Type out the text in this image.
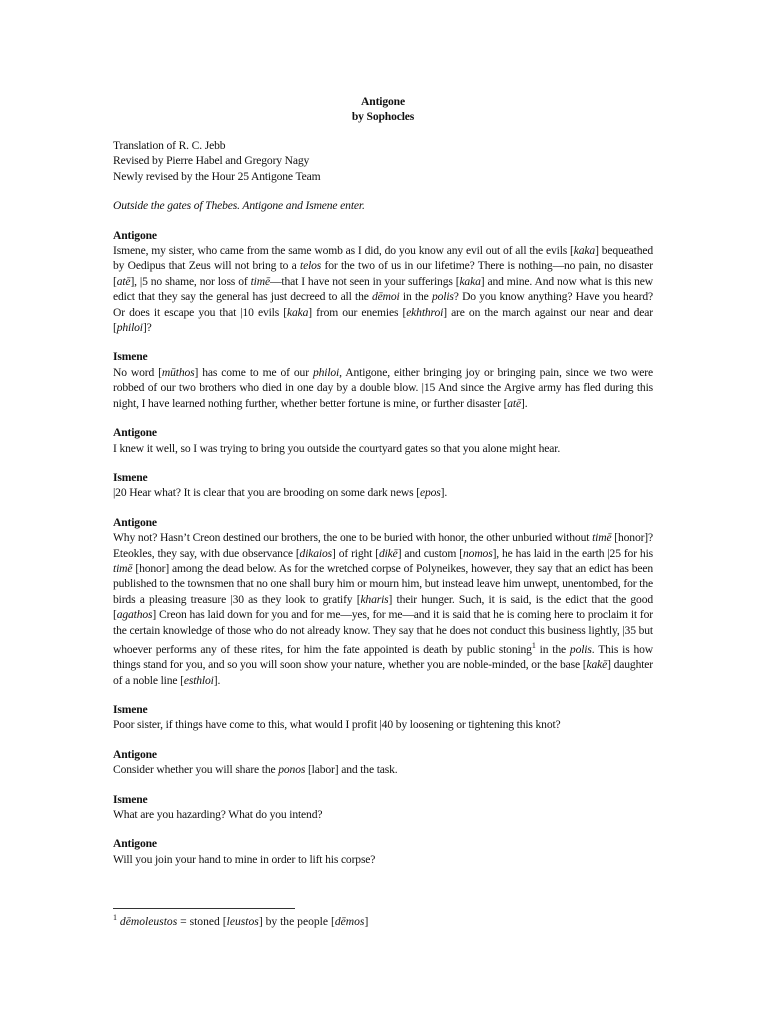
Antigone
by Sophocles
Translation of R. C. Jebb
Revised by Pierre Habel and Gregory Nagy
Newly revised by the Hour 25 Antigone Team
Outside the gates of Thebes. Antigone and Ismene enter.
Antigone
Ismene, my sister, who came from the same womb as I did, do you know any evil out of all the evils [kaka] bequeathed by Oedipus that Zeus will not bring to a telos for the two of us in our lifetime? There is nothing—no pain, no disaster [atē], |5 no shame, nor loss of timē—that I have not seen in your sufferings [kaka] and mine. And now what is this new edict that they say the general has just decreed to all the dēmoi in the polis? Do you know anything? Have you heard? Or does it escape you that |10 evils [kaka] from our enemies [ekhthroi] are on the march against our near and dear [philoi]?
Ismene
No word [mūthos] has come to me of our philoi, Antigone, either bringing joy or bringing pain, since we two were robbed of our two brothers who died in one day by a double blow. |15 And since the Argive army has fled during this night, I have learned nothing further, whether better fortune is mine, or further disaster [atē].
Antigone
I knew it well, so I was trying to bring you outside the courtyard gates so that you alone might hear.
Ismene
|20 Hear what? It is clear that you are brooding on some dark news [epos].
Antigone
Why not? Hasn’t Creon destined our brothers, the one to be buried with honor, the other unburied without timē [honor]? Eteokles, they say, with due observance [dikaios] of right [dikē] and custom [nomos], he has laid in the earth |25 for his timē [honor] among the dead below. As for the wretched corpse of Polyneikes, however, they say that an edict has been published to the townsmen that no one shall bury him or mourn him, but instead leave him unwept, unentombed, for the birds a pleasing treasure |30 as they look to gratify [kharis] their hunger. Such, it is said, is the edict that the good [agathos] Creon has laid down for you and for me—yes, for me—and it is said that he is coming here to proclaim it for the certain knowledge of those who do not already know. They say that he does not conduct this business lightly, |35 but whoever performs any of these rites, for him the fate appointed is death by public stoning$^1$ in the polis. This is how things stand for you, and so you will soon show your nature, whether you are noble-minded, or the base [kakē] daughter of a noble line [esthloi].
Ismene
Poor sister, if things have come to this, what would I profit |40 by loosening or tightening this knot?
Antigone
Consider whether you will share the ponos [labor] and the task.
Ismene
What are you hazarding? What do you intend?
Antigone
Will you join your hand to mine in order to lift his corpse?
$^1$ dēmoleustos = stoned [leustos] by the people [dēmos]
